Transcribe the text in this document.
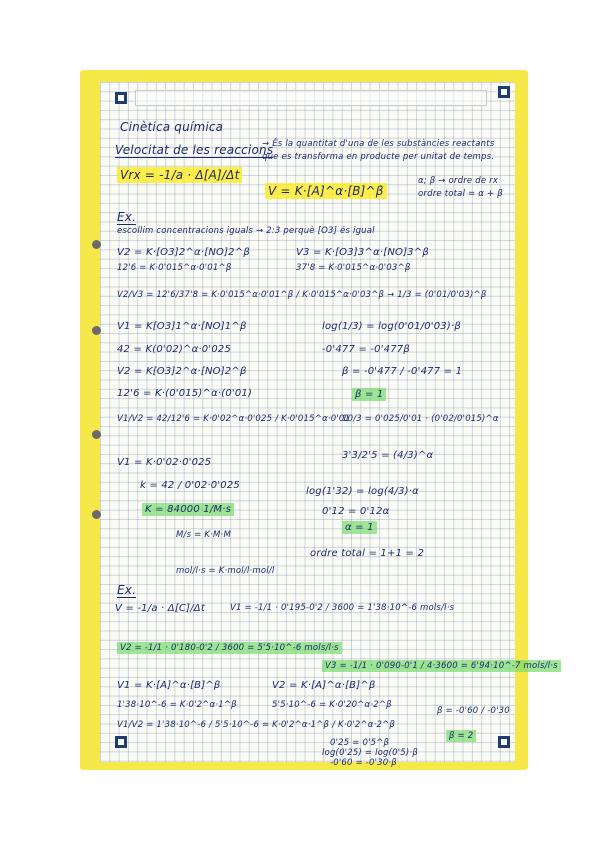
Cinètica química
Velocitat de les reaccions
→ És la quantitat d'una de les substàncies reactants que es transforma en producte per unitat de temps.
Vrx = -1/a · Δ[A]/Δt	α; β → ordre de rx
V = K·[A]^α·[B]^β	ordre total = α + β
Ex.
escollim concentracions iguals → 2:3 perquè [O3] és igual
V2 = K·[O3]2^α·[NO]2^β
12'6 = K·0'015^α·0'01^β
V3 = K·[O3]3^α·[NO]3^β
37'8 = K·0'015^α·0'03^β
V2/V3 = 12'6/37'8 = K·0'015^α·0'01^β / K·0'015^α·0'03^β → 1/3 = (0'01/0'03)^β
V1 = K[O3]1^α·[NO]1^β	log(1/3) = log(0'01/0'03)·β
42 = K(0'02)^α·0'025	-0'477 = -0'477β
V2 = K[O3]2^α·[NO]2^β	β = -0'477 / -0'477 = 1
12'6 = K·(0'015)^α·(0'01)	β = 1
V1/V2 = 42/12'6 = K·0'02^α·0'025 / K·0'015^α·0'01
10/3 = 0'025/0'01 · (0'02/0'015)^α
V1 = K·0'02·0'025
3'3/2'5 = (4/3)^α
k = 42 / 0'02·0'025
log(1'32) = log(4/3)·α
K = 84000 1/M·s	0'12 = 0'12α
α = 1
M/s = K·M·M
ordre total = 1+1 = 2
mol/l·s = K·mol/l·mol/l
Ex.
V = -1/a · Δ[C]/Δt	V1 = -1/1 · 0'195-0'2 / 3600 = 1'38·10^-6 mols/l·s
V2 = -1/1 · 0'180-0'2 / 3600 = 5'5·10^-6 mols/l·s
V3 = -1/1 · 0'090-0'1 / 4·3600 = 6'94·10^-7 mols/l·s
V1 = K·[A]^α·[B]^β	V2 = K·[A]^α·[B]^β
1'38·10^-6 = K·0'2^α·1^β	5'5·10^-6 = K·0'20^α·2^β
V1/V2 = 1'38·10^-6 / 5'5·10^-6 = K·0'2^α·1^β / K·0'2^α·2^β
0'25 = 0'5^β
β = -0'60 / -0'30
log(0'25) = log(0'5)·β
β = 2
-0'60 = -0'30·β
